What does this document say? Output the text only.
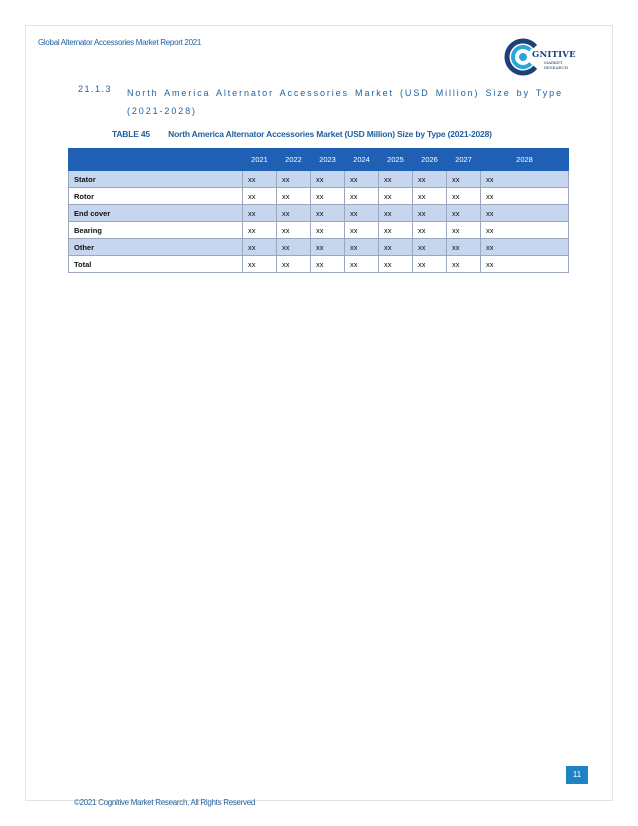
Global Alternator Accessories Market Report 2021
GNITIVE
MARKET
RESEARCH
21.1.3 North America Alternator Accessories Market (USD Million) Size by Type (2021-2028)
TABLE 45 North America Alternator Accessories Market (USD Million) Size by Type (2021-2028)
	2021	2022	2023	2024	2025	2026	2027	2028
Stator	xx	xx	xx	xx	xx	xx	xx	xx
Rotor	xx	xx	xx	xx	xx	xx	xx	xx
End cover	xx	xx	xx	xx	xx	xx	xx	xx
Bearing	xx	xx	xx	xx	xx	xx	xx	xx
Other	xx	xx	xx	xx	xx	xx	xx	xx
Total	xx	xx	xx	xx	xx	xx	xx	xx
11
©2021 Cognitive Market Research, All Rights Reserved
